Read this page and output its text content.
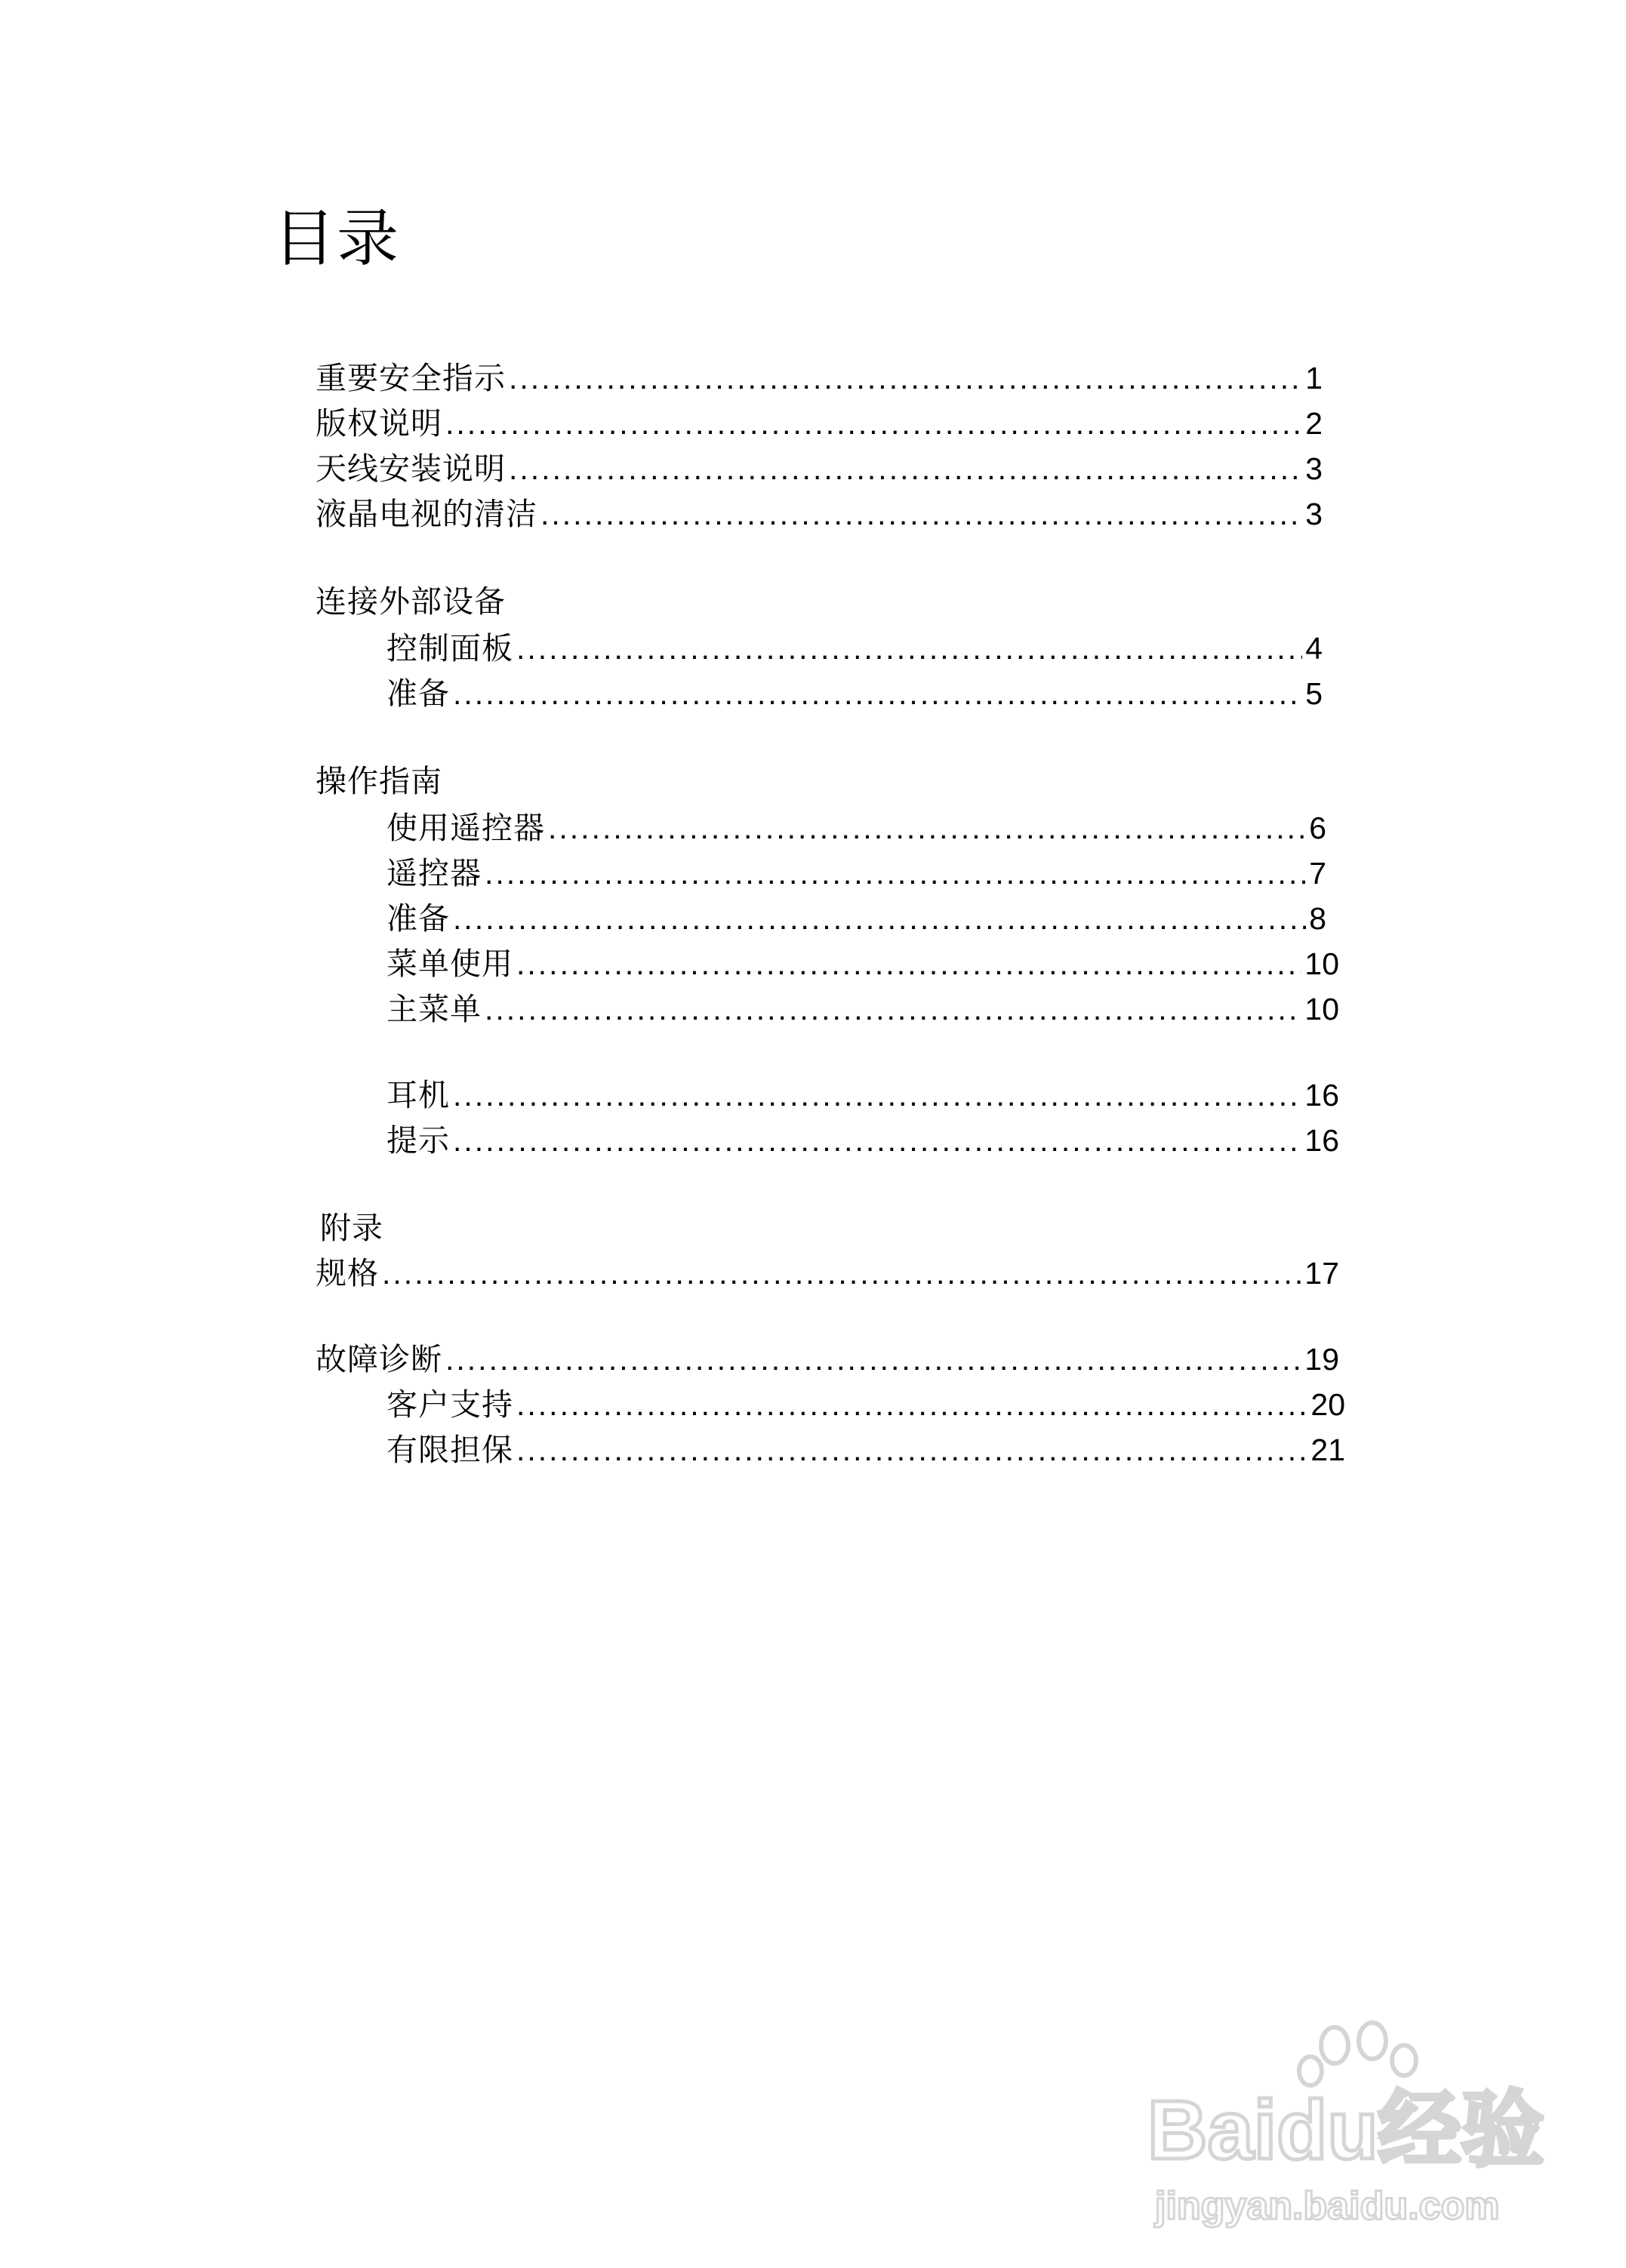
目录
重要安全指示 .....	1
版权说明 .....	2
天线安装说明 .....	3
液晶电视的清洁 .....	3
连接外部设备
控制面板 .....	4
准备 .....	5
操作指南
使用遥控器 .....	6
遥控器 .....	7
准备 .....	8
菜单使用 .....	10
主菜单 .....	10
耳机 .....	16
提示 .....	16
附录
规格 .....	17
故障诊断 .....	19
客户支持 .....	20
有限担保 .....	21
Baidu经验
jingyan.baidu.com
